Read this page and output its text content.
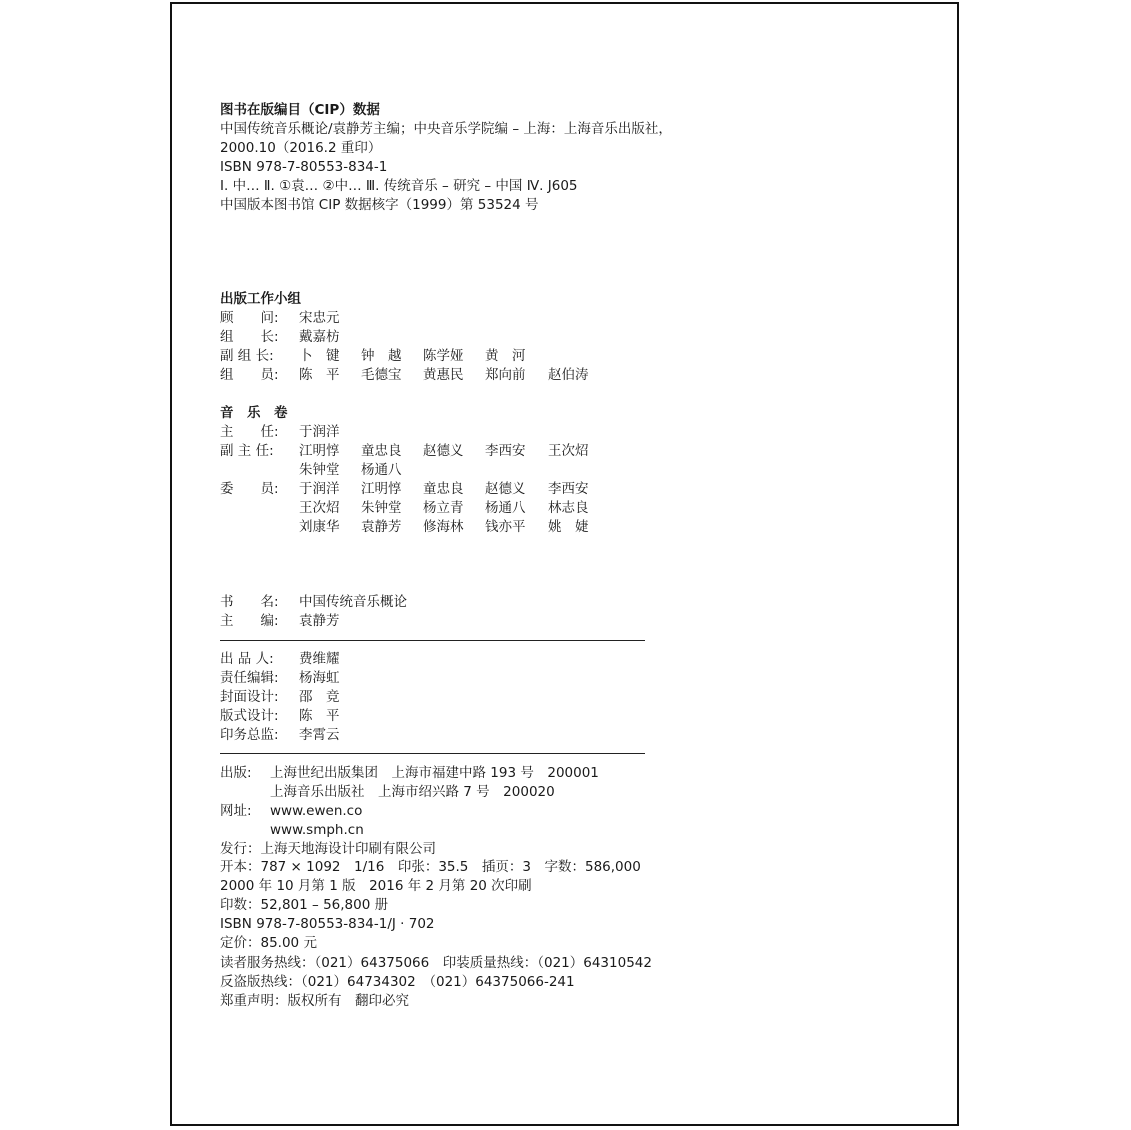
图书在版编目（CIP）数据
中国传统音乐概论/袁静芳主编；中央音乐学院编 – 上海：上海音乐出版社，
2000.10（2016.2 重印）
ISBN 978-7-80553-834-1
Ⅰ. 中… Ⅱ. ①袁… ②中… Ⅲ. 传统音乐 – 研究 – 中国 Ⅳ. J605
中国版本图书馆 CIP 数据核字（1999）第 53524 号
出版工作小组
顾　　问: 宋忠元
组　　长: 戴嘉枋
副 组 长: 卜　键 钟　越 陈学娅 黄　河
组　　员: 陈　平 毛德宝 黄惠民 郑向前 赵伯涛
音　乐　卷
主　　任: 于润洋
副 主 任: 江明惇 童忠良 赵德义 李西安 王次炤
朱钟堂 杨通八
委　　员: 于润洋 江明惇 童忠良 赵德义 李西安
王次炤 朱钟堂 杨立青 杨通八 林志良
刘康华 袁静芳 修海林 钱亦平 姚　婕
书　　名: 中国传统音乐概论
主　　编: 袁静芳
出 品 人: 费维耀
责任编辑: 杨海虹
封面设计: 邵　竞
版式设计: 陈　平
印务总监: 李霄云
出版: 上海世纪出版集团　上海市福建中路 193 号　200001
上海音乐出版社　上海市绍兴路 7 号　200020
网址: www.ewen.co
www.smph.cn
发行：上海天地海设计印刷有限公司
开本：787 × 1092　1/16　印张：35.5　插页：3　字数：586,000
2000 年 10 月第 1 版　2016 年 2 月第 20 次印刷
印数：52,801 – 56,800 册
ISBN 978-7-80553-834-1/J · 702
定价：85.00 元
读者服务热线：（021）64375066　印装质量热线：（021）64310542
反盗版热线：（021）64734302　（021）64375066-241
郑重声明：版权所有　翻印必究
